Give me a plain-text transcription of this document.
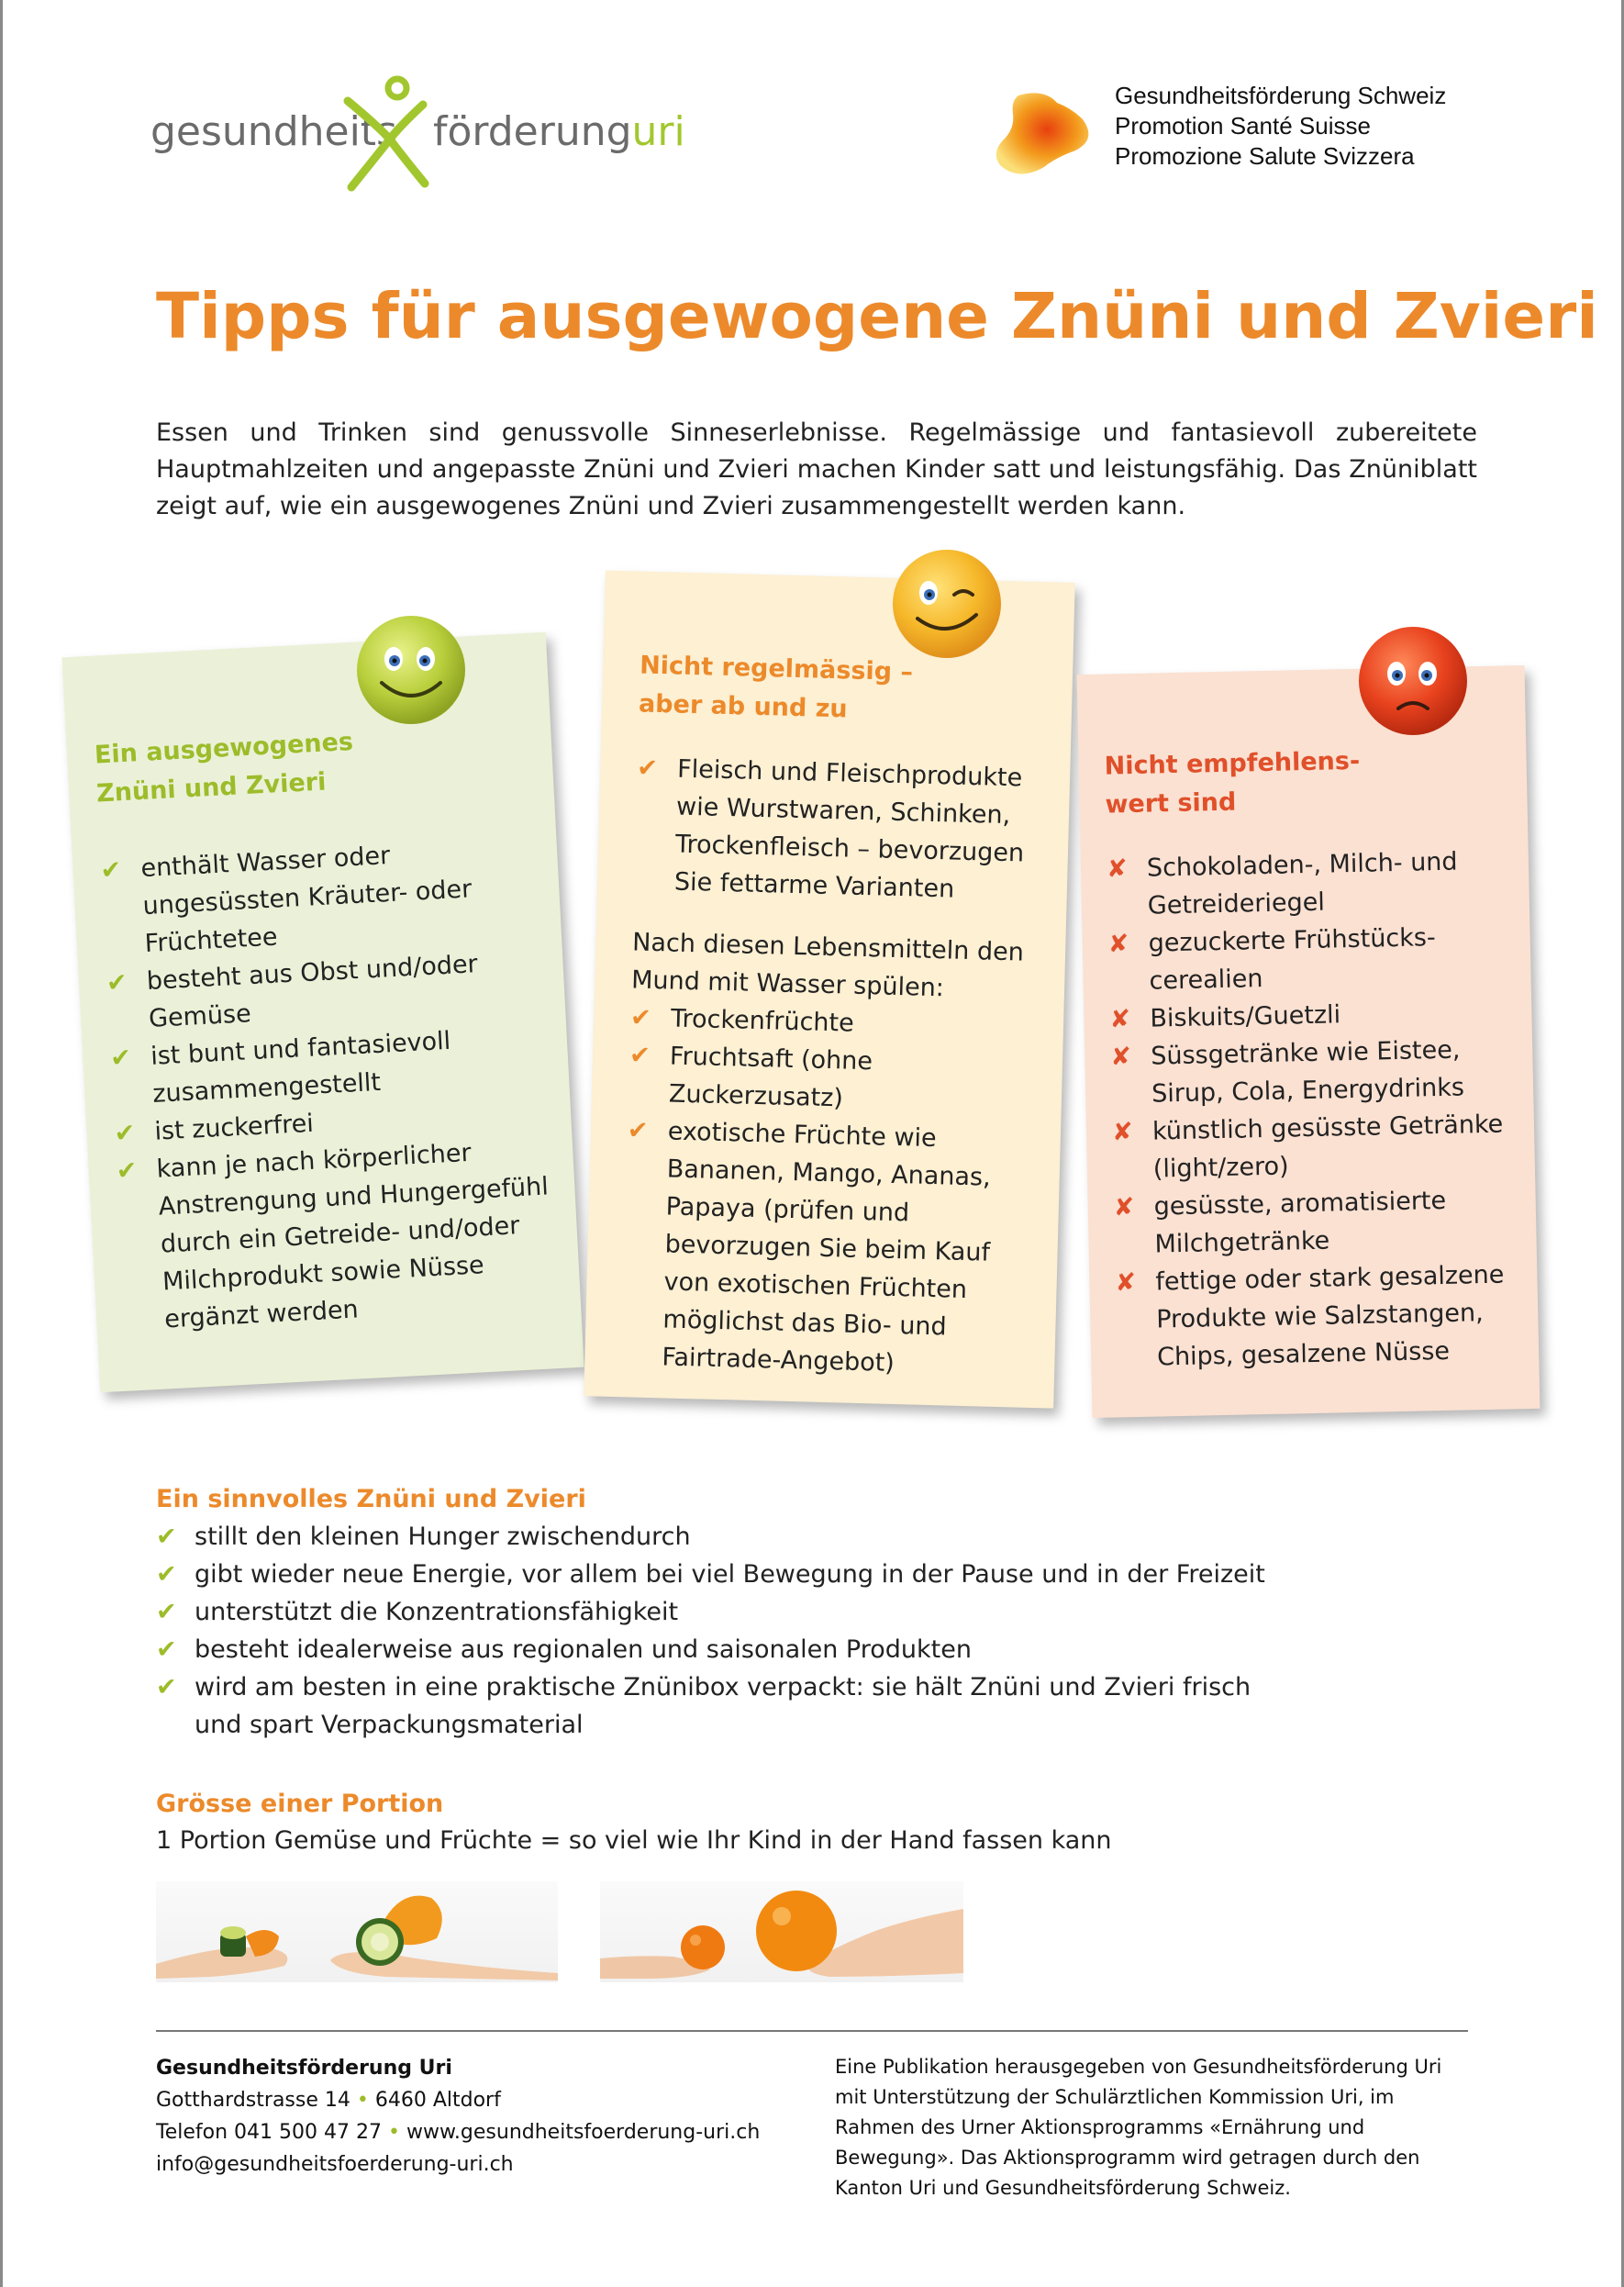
gesundheits förderunguri
Gesundheitsförderung Schweiz
Promotion Santé Suisse
Promozione Salute Svizzera
Tipps für ausgewogene Znüni und Zvieri

Essen und Trinken sind genussvolle Sinneserlebnisse. Regelmässige und fantasievoll zubereitete Hauptmahlzeiten und angepasste Znüni und Zvieri machen Kinder satt und leistungsfähig. Das Znüniblatt zeigt auf, wie ein ausgewogenes Znüni und Zvieri zusammengestellt werden kann.

Ein ausgewogenes
Znüni und Zvieri
✔ enthält Wasser oder ungesüssten Kräuter- oder Früchtetee
✔ besteht aus Obst und/oder Gemüse
✔ ist bunt und fantasievoll zusammengestellt
✔ ist zuckerfrei
✔ kann je nach körperlicher Anstrengung und Hungergefühl durch ein Getreide- und/oder Milchprodukt sowie Nüsse ergänzt werden
Nicht regelmässig –
aber ab und zu
✔ Fleisch und Fleischprodukte wie Wurstwaren, Schinken, Trockenfleisch – bevorzugen Sie fettarme Varianten

Nach diesen Lebensmitteln den Mund mit Wasser spülen:

✔ Trockenfrüchte
✔ Fruchtsaft (ohne Zuckerzusatz)
✔ exotische Früchte wie Bananen, Mango, Ananas, Papaya (prüfen und bevorzugen Sie beim Kauf von exotischen Früchten möglichst das Bio- und Fairtrade-Angebot)
Nicht empfehlens-
wert sind
✘ Schokoladen-, Milch- und Getreideriegel
✘ gezuckerte Frühstücks-cerealien
✘ Biskuits/Guetzli
✘ Süssgetränke wie Eistee, Sirup, Cola, Energydrinks
✘ künstlich gesüsste Getränke (light/zero)
✘ gesüsste, aromatisierte Milchgetränke
✘ fettige oder stark gesalzene Produkte wie Salzstangen, Chips, gesalzene Nüsse
Ein sinnvolles Znüni und Zvieri
✔ stillt den kleinen Hunger zwischendurch
✔ gibt wieder neue Energie, vor allem bei viel Bewegung in der Pause und in der Freizeit
✔ unterstützt die Konzentrationsfähigkeit
✔ besteht idealerweise aus regionalen und saisonalen Produkten
✔ wird am besten in eine praktische Znünibox verpackt: sie hält Znüni und Zvieri frisch und spart Verpackungsmaterial
Grösse einer Portion

1 Portion Gemüse und Früchte = so viel wie Ihr Kind in der Hand fassen kann

Gesundheitsförderung Uri
Gotthardstrasse 14 • 6460 Altdorf
Telefon 041 500 47 27 • www.gesundheitsfoerderung-uri.ch
info@gesundheitsfoerderung-uri.ch
Eine Publikation herausgegeben von Gesundheitsförderung Uri mit Unterstützung der Schulärztlichen Kommission Uri, im Rahmen des Urner Aktionsprogramms «Ernährung und Bewegung». Das Aktionsprogramm wird getragen durch den Kanton Uri und Gesundheitsförderung Schweiz.
